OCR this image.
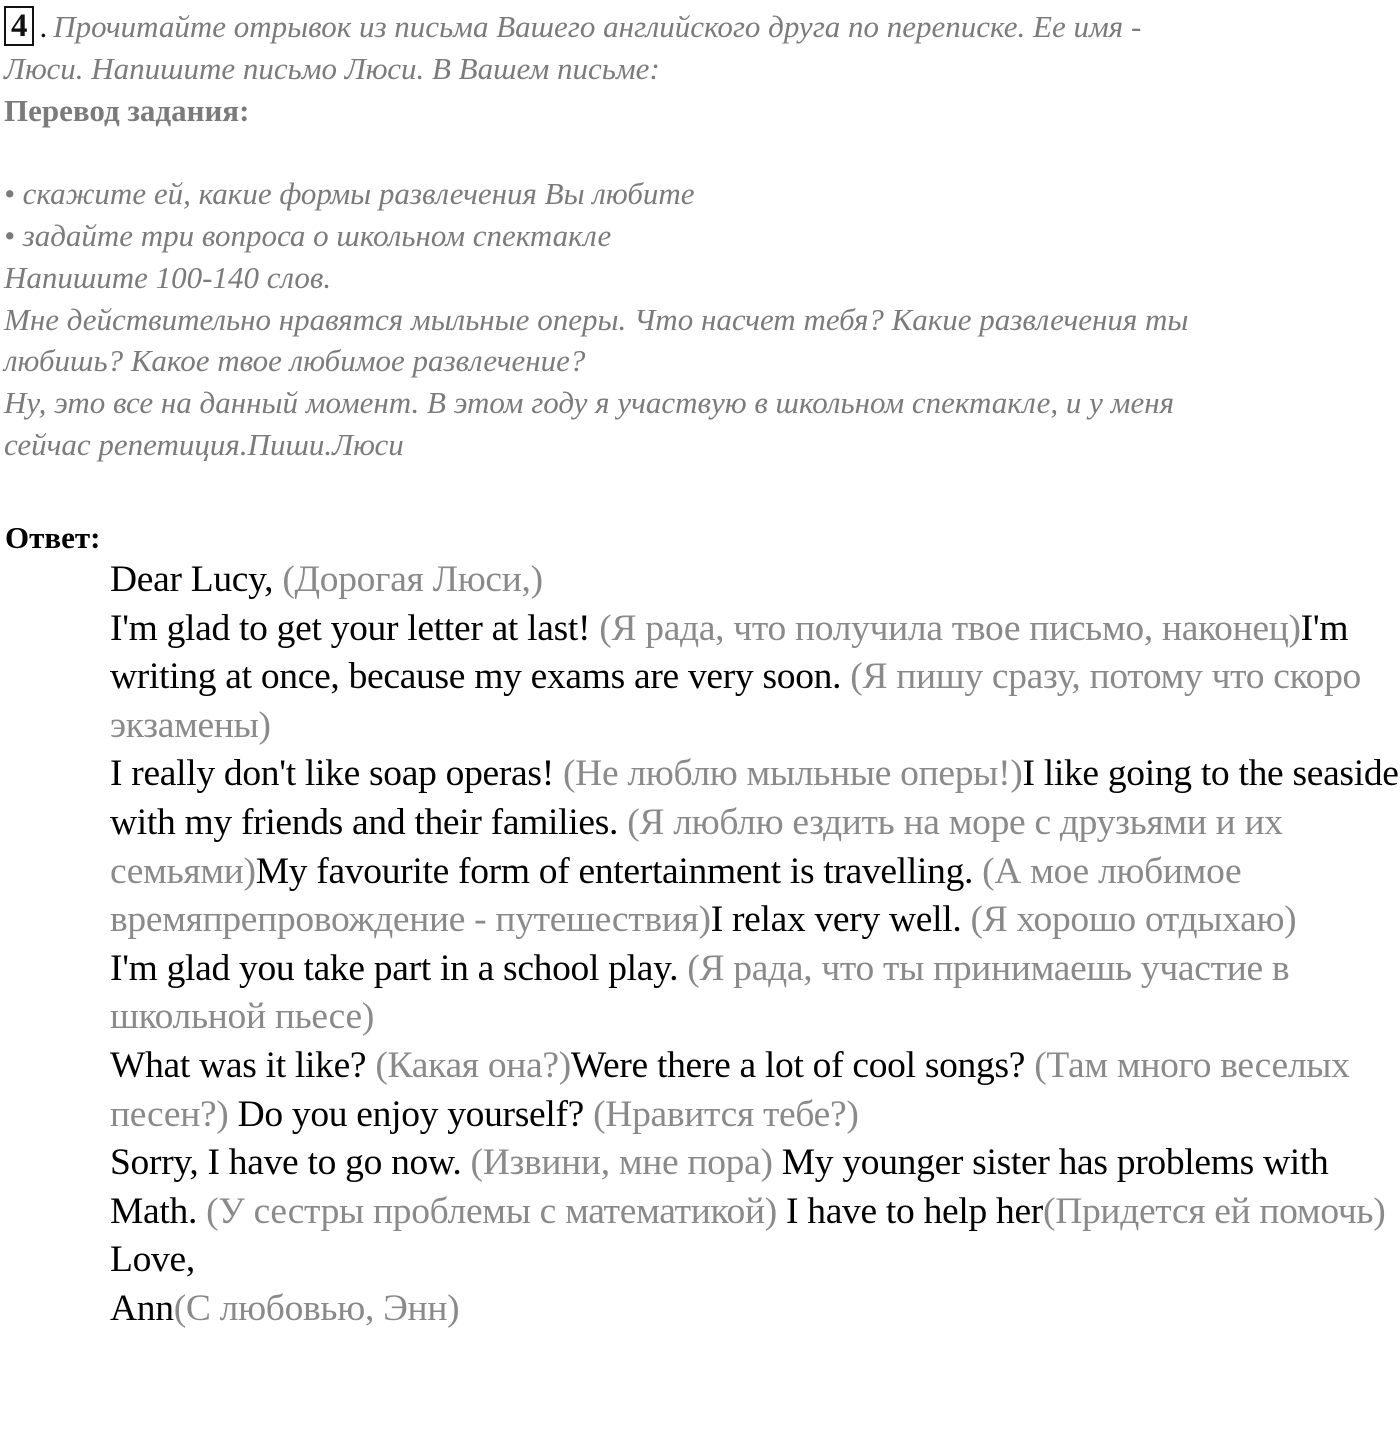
4 . Прочитайте отрывок из письма Вашего английского друга по переписке. Ее имя -
Люси. Напишите письмо Люси. В Вашем письме:
Перевод задания:
• скажите ей, какие формы развлечения Вы любите
• задайте три вопроса о школьном спектакле
Напишите 100-140 слов.
Мне действительно нравятся мыльные оперы. Что насчет тебя? Какие развлечения ты
любишь? Какое твое любимое развлечение?
Ну, это все на данный момент. В этом году я участвую в школьном спектакле, и у меня
сейчас репетиция.Пиши.Люси
Ответ:

Dear Lucy, (Дорогая Люси,)

I'm glad to get your letter at last! (Я рада, что получила твое письмо, наконец)I'm writing at once, because my exams are very soon. (Я пишу сразу, потому что скоро экзамены)

I really don't like soap operas! (Не люблю мыльные оперы!)I like going to the seaside with my friends and their families. (Я люблю ездить на море с друзьями и их семьями)My favourite form of entertainment is travelling. (А мое любимое времяпрепровождение - путешествия)I relax very well. (Я хорошо отдыхаю)

I'm glad you take part in a school play. (Я рада, что ты принимаешь участие в школьной пьесе)

What was it like? (Какая она?)Were there a lot of cool songs? (Там много веселых песен?) Do you enjoy yourself? (Нравится тебе?)

Sorry, I have to go now. (Извини, мне пора) My younger sister has problems with Math. (У сестры проблемы с математикой) I have to help her(Придется ей помочь)

Love,

Ann(С любовью, Энн)
